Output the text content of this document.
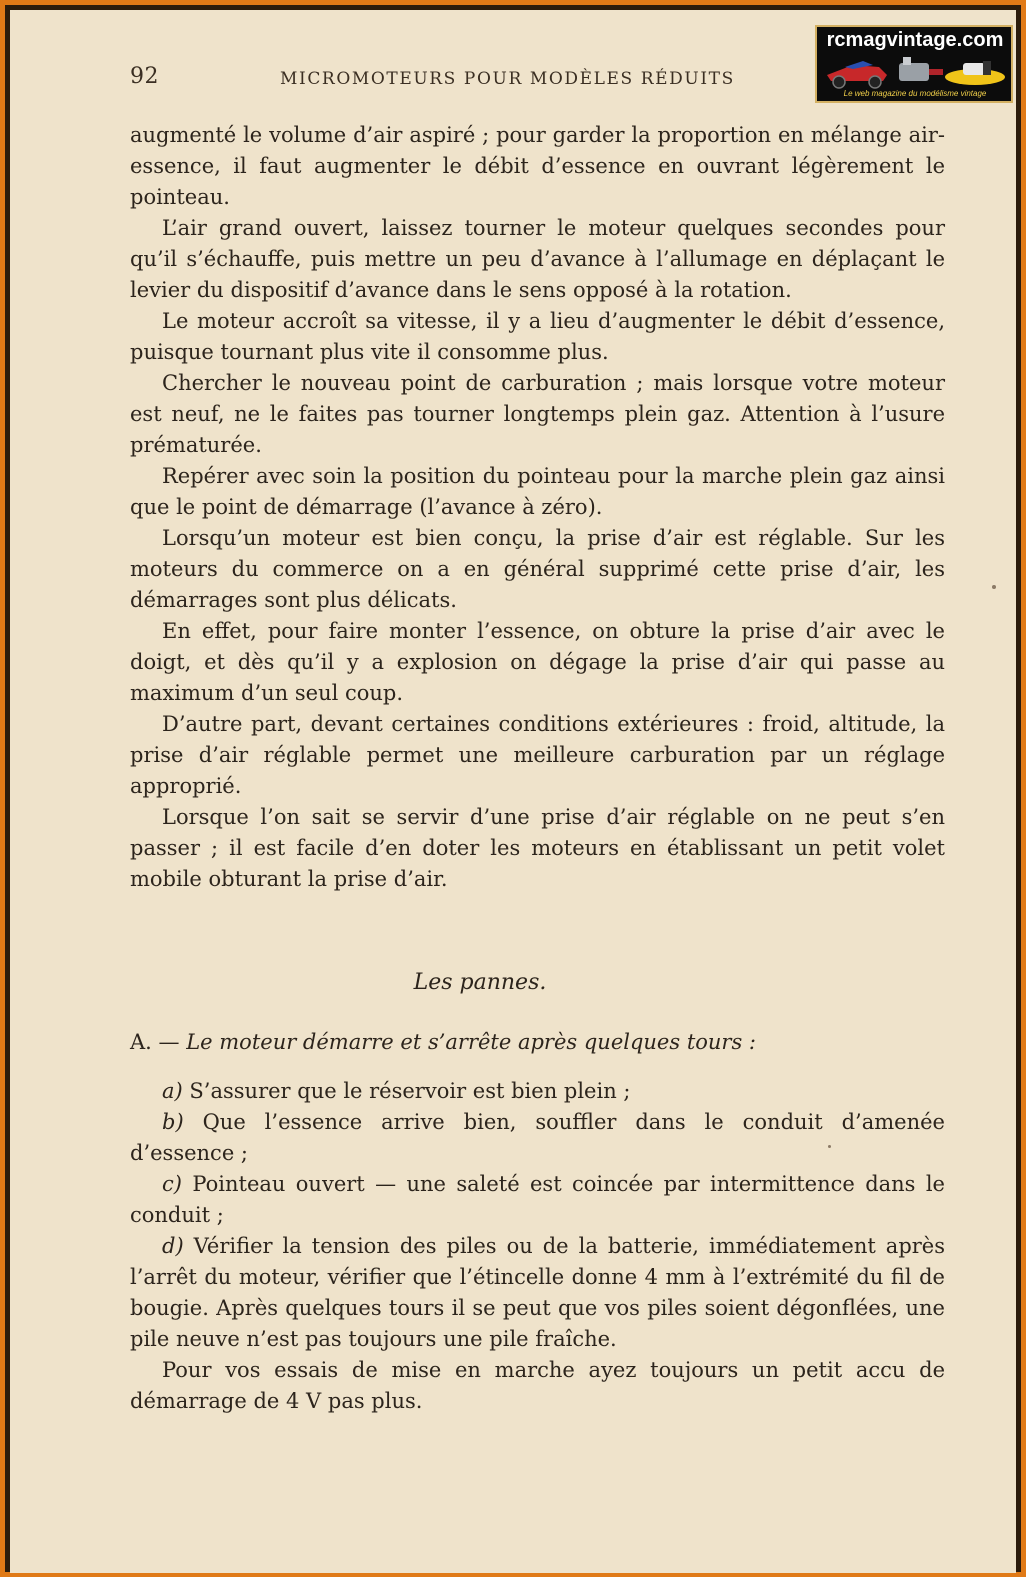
92	MICROMOTEURS POUR MODÈLES RÉDUITS
rcmagvintage.com
Le web magazine du modélisme vintage

augmenté le volume d’air aspiré ; pour garder la proportion en mélange air-essence, il faut augmenter le débit d’essence en ouvrant légèrement le pointeau.

L’air grand ouvert, laissez tourner le moteur quelques secondes pour qu’il s’échauffe, puis mettre un peu d’avance à l’allumage en déplaçant le levier du dispositif d’avance dans le sens opposé à la rotation.

Le moteur accroît sa vitesse, il y a lieu d’augmenter le débit d’essence, puisque tournant plus vite il consomme plus.

Chercher le nouveau point de carburation ; mais lorsque votre moteur est neuf, ne le faites pas tourner longtemps plein gaz. Attention à l’usure prématurée.

Repérer avec soin la position du pointeau pour la marche plein gaz ainsi que le point de démarrage (l’avance à zéro).

Lorsqu’un moteur est bien conçu, la prise d’air est réglable. Sur les moteurs du commerce on a en général supprimé cette prise d’air, les démarrages sont plus délicats.

En effet, pour faire monter l’essence, on obture la prise d’air avec le doigt, et dès qu’il y a explosion on dégage la prise d’air qui passe au maximum d’un seul coup.

D’autre part, devant certaines conditions extérieures : froid, altitude, la prise d’air réglable permet une meilleure carburation par un réglage approprié.

Lorsque l’on sait se servir d’une prise d’air réglable on ne peut s’en passer ; il est facile d’en doter les moteurs en établissant un petit volet mobile obturant la prise d’air.

Les pannes.
A. — Le moteur démarre et s’arrête après quelques tours :

a) S’assurer que le réservoir est bien plein ;

b) Que l’essence arrive bien, souffler dans le conduit d’amenée d’essence ;

c) Pointeau ouvert — une saleté est coincée par intermittence dans le conduit ;

d) Vérifier la tension des piles ou de la batterie, immédiatement après l’arrêt du moteur, vérifier que l’étincelle donne 4 mm à l’extrémité du fil de bougie. Après quelques tours il se peut que vos piles soient dégonflées, une pile neuve n’est pas toujours une pile fraîche.

Pour vos essais de mise en marche ayez toujours un petit accu de démarrage de 4 V pas plus.
